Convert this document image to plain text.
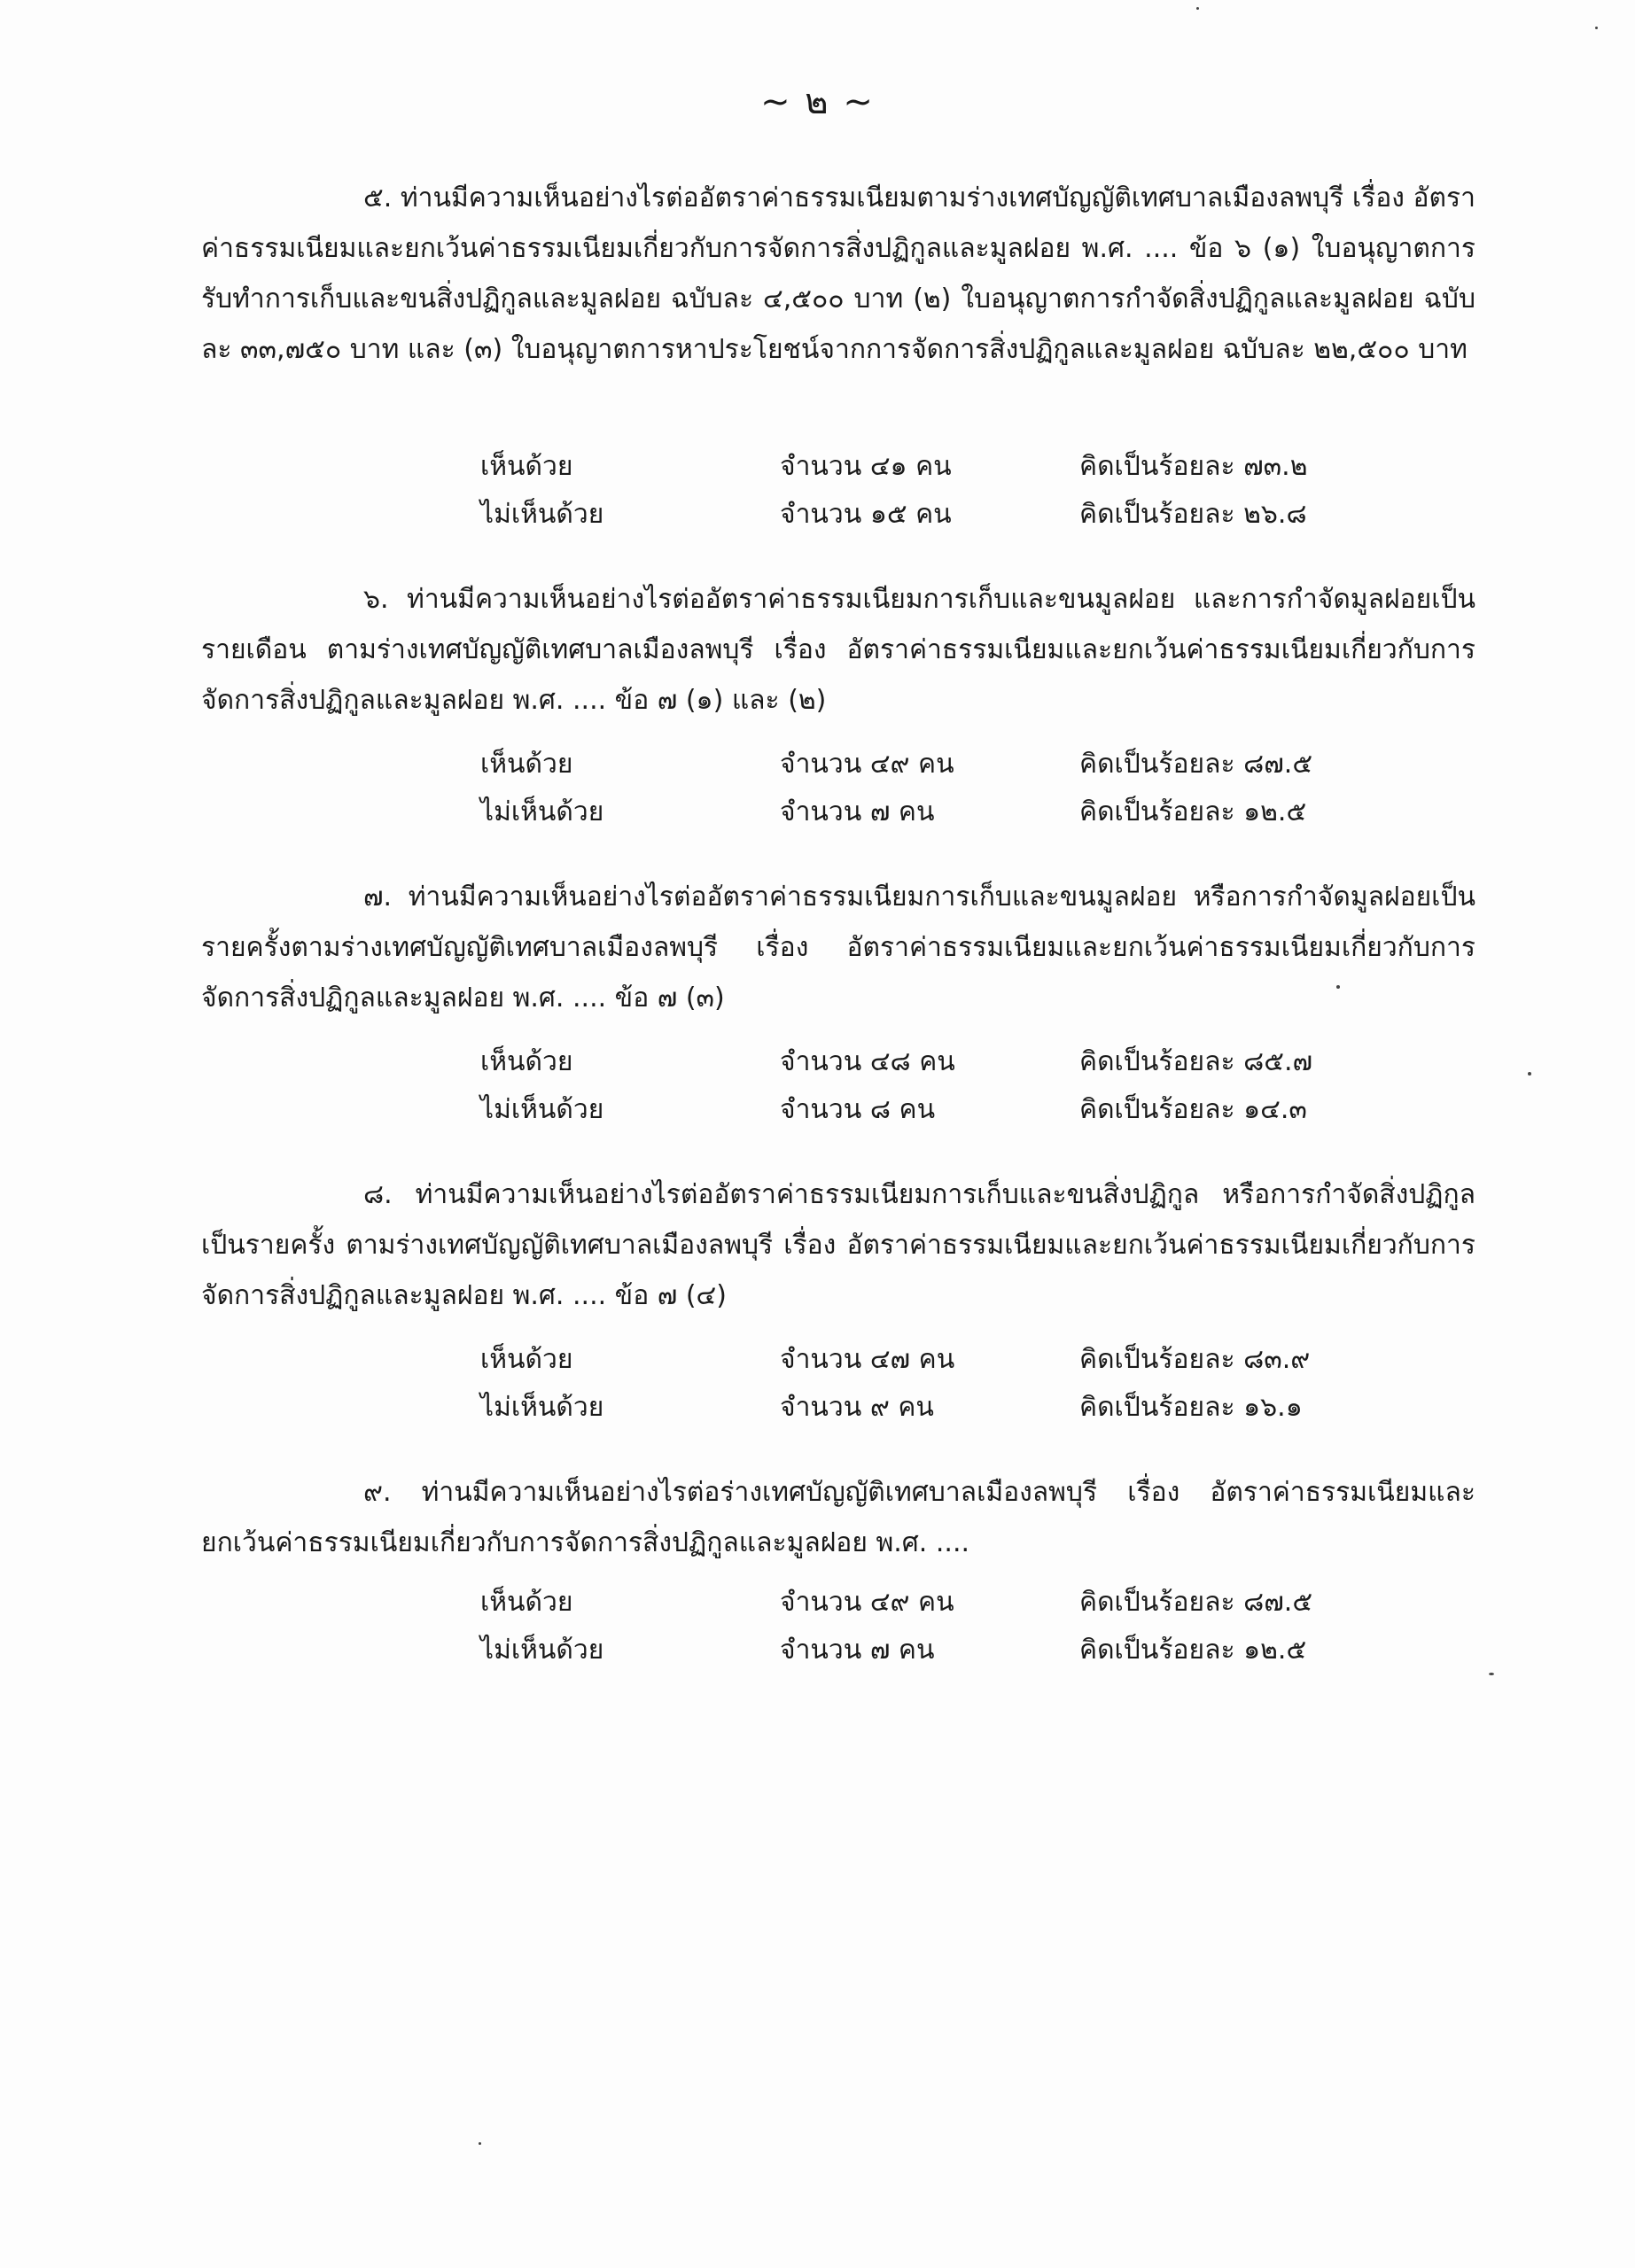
~ ๒ ~
๕. ท่านมีความเห็นอย่างไรต่ออัตราค่าธรรมเนียมตามร่างเทศบัญญัติเทศบาลเมืองลพบุรี เรื่อง อัตราค่าธรรมเนียมและยกเว้นค่าธรรมเนียมเกี่ยวกับการจัดการสิ่งปฏิกูลและมูลฝอย พ.ศ. .... ข้อ ๖ (๑) ใบอนุญาตการรับทำการเก็บและขนสิ่งปฏิกูลและมูลฝอย ฉบับละ ๔,๕๐๐ บาท (๒) ใบอนุญาตการกำจัดสิ่งปฏิกูลและมูลฝอย ฉบับละ ๓๓,๗๕๐ บาท และ (๓) ใบอนุญาตการหาประโยชน์จากการจัดการสิ่งปฏิกูลและมูลฝอย ฉบับละ ๒๒,๕๐๐ บาท
เห็นด้วย	จำนวน ๔๑ คน	คิดเป็นร้อยละ ๗๓.๒
ไม่เห็นด้วย	จำนวน ๑๕ คน	คิดเป็นร้อยละ ๒๖.๘
๖. ท่านมีความเห็นอย่างไรต่ออัตราค่าธรรมเนียมการเก็บและขนมูลฝอย และการกำจัดมูลฝอยเป็นรายเดือน ตามร่างเทศบัญญัติเทศบาลเมืองลพบุรี เรื่อง อัตราค่าธรรมเนียมและยกเว้นค่าธรรมเนียมเกี่ยวกับการจัดการสิ่งปฏิกูลและมูลฝอย พ.ศ. .... ข้อ ๗ (๑) และ (๒)
เห็นด้วย	จำนวน ๔๙ คน	คิดเป็นร้อยละ ๘๗.๕
ไม่เห็นด้วย	จำนวน ๗ คน	คิดเป็นร้อยละ ๑๒.๕
๗. ท่านมีความเห็นอย่างไรต่ออัตราค่าธรรมเนียมการเก็บและขนมูลฝอย หรือการกำจัดมูลฝอยเป็นรายครั้งตามร่างเทศบัญญัติเทศบาลเมืองลพบุรี เรื่อง อัตราค่าธรรมเนียมและยกเว้นค่าธรรมเนียมเกี่ยวกับการจัดการสิ่งปฏิกูลและมูลฝอย พ.ศ. .... ข้อ ๗ (๓)
เห็นด้วย	จำนวน ๔๘ คน	คิดเป็นร้อยละ ๘๕.๗
ไม่เห็นด้วย	จำนวน ๘ คน	คิดเป็นร้อยละ ๑๔.๓
๘. ท่านมีความเห็นอย่างไรต่ออัตราค่าธรรมเนียมการเก็บและขนสิ่งปฏิกูล หรือการกำจัดสิ่งปฏิกูลเป็นรายครั้ง ตามร่างเทศบัญญัติเทศบาลเมืองลพบุรี เรื่อง อัตราค่าธรรมเนียมและยกเว้นค่าธรรมเนียมเกี่ยวกับการจัดการสิ่งปฏิกูลและมูลฝอย พ.ศ. .... ข้อ ๗ (๔)
เห็นด้วย	จำนวน ๔๗ คน	คิดเป็นร้อยละ ๘๓.๙
ไม่เห็นด้วย	จำนวน ๙ คน	คิดเป็นร้อยละ ๑๖.๑
๙. ท่านมีความเห็นอย่างไรต่อร่างเทศบัญญัติเทศบาลเมืองลพบุรี เรื่อง อัตราค่าธรรมเนียมและยกเว้นค่าธรรมเนียมเกี่ยวกับการจัดการสิ่งปฏิกูลและมูลฝอย พ.ศ. ....
เห็นด้วย	จำนวน ๔๙ คน	คิดเป็นร้อยละ ๘๗.๕
ไม่เห็นด้วย	จำนวน ๗ คน	คิดเป็นร้อยละ ๑๒.๕
